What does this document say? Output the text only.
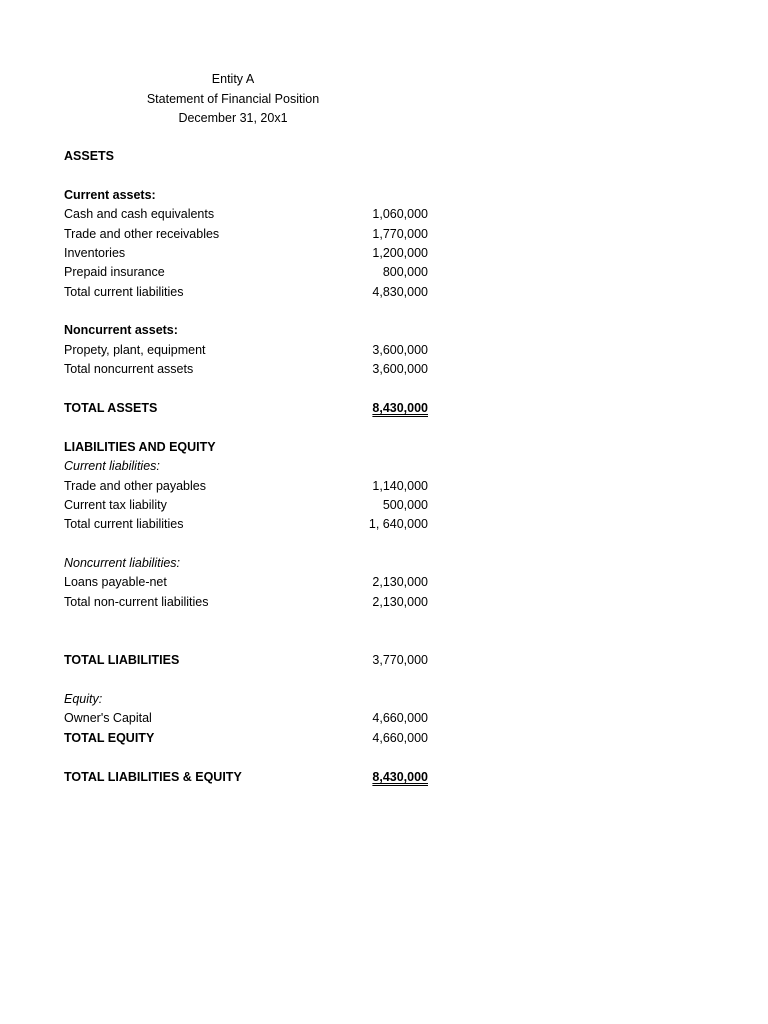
Entity A
Statement of Financial Position
December 31, 20x1
ASSETS
Current assets:
Cash and cash equivalents	1,060,000
Trade and other receivables	1,770,000
Inventories	1,200,000
Prepaid insurance	800,000
Total current liabilities	4,830,000
Noncurrent assets:
Propety, plant, equipment	3,600,000
Total noncurrent assets	3,600,000
TOTAL ASSETS	8,430,000
LIABILITIES AND EQUITY
Current liabilities:
Trade and other payables	1,140,000
Current tax liability	500,000
Total current liabilities	1, 640,000
Noncurrent liabilities:
Loans payable-net	2,130,000
Total non-current liabilities	2,130,000
TOTAL LIABILITIES	3,770,000
Equity:
Owner's Capital	4,660,000
TOTAL EQUITY	4,660,000
TOTAL LIABILITIES & EQUITY	8,430,000
